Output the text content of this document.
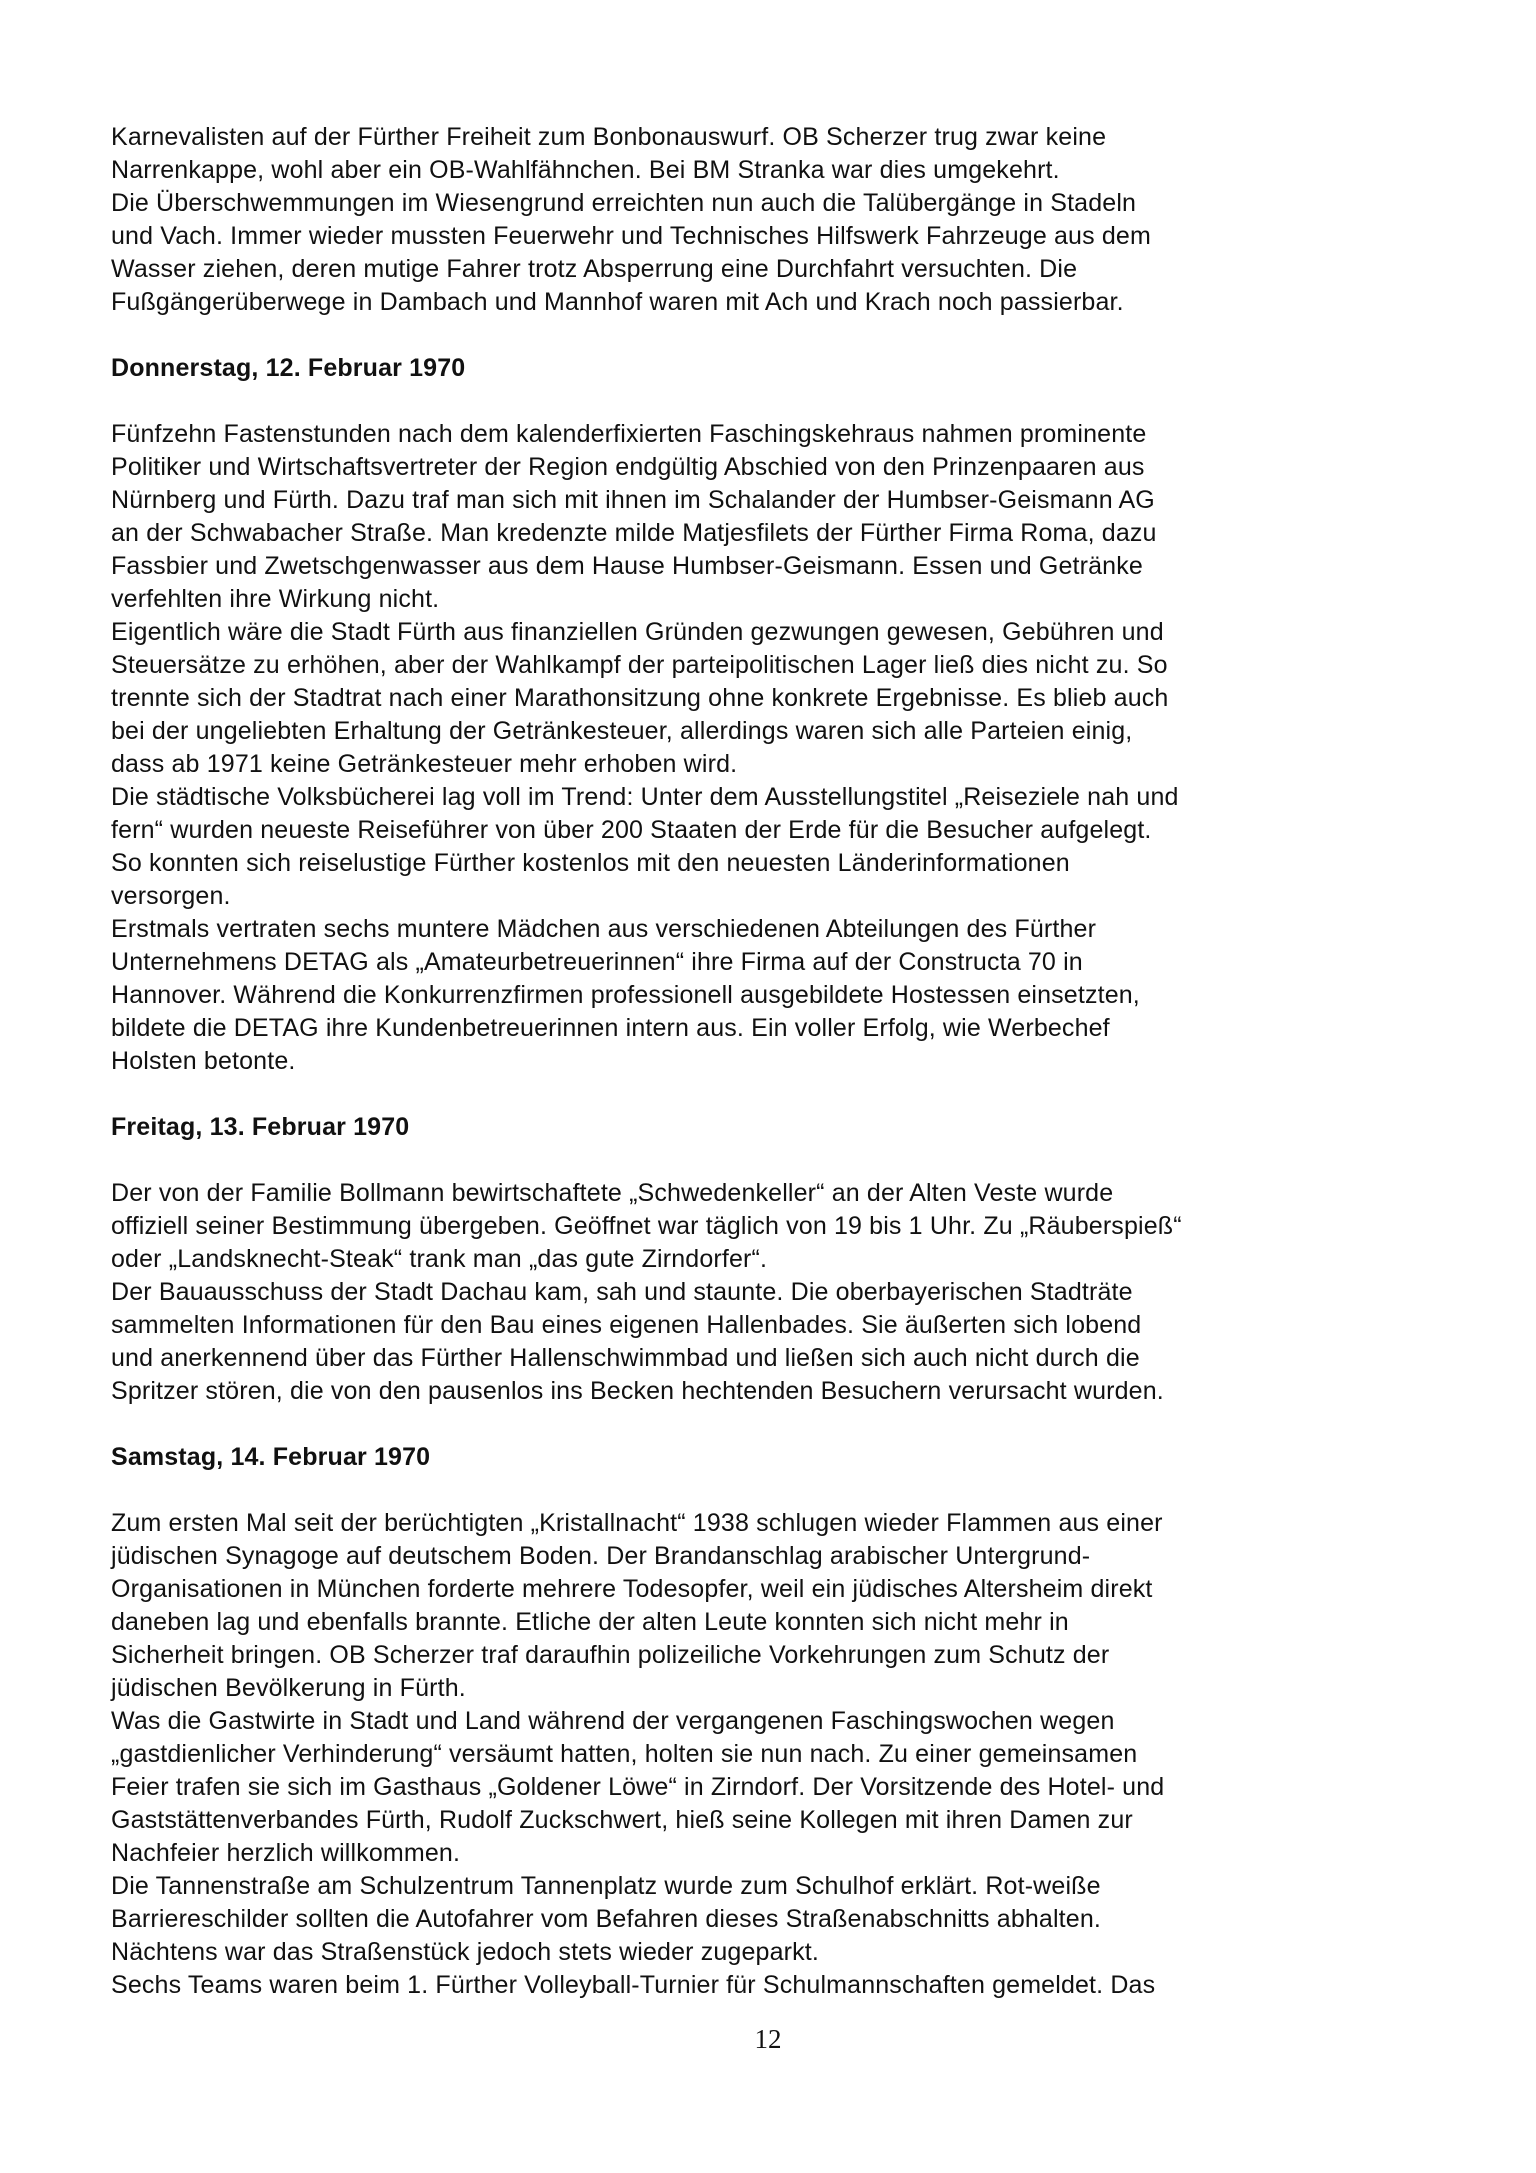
Karnevalisten auf der Fürther Freiheit zum Bonbonauswurf. OB Scherzer trug zwar keine
Narrenkappe, wohl aber ein OB-Wahlfähnchen. Bei BM Stranka war dies umgekehrt.
Die Überschwemmungen im Wiesengrund erreichten nun auch die Talübergänge in Stadeln
und Vach. Immer wieder mussten Feuerwehr und Technisches Hilfswerk Fahrzeuge aus dem
Wasser ziehen, deren mutige Fahrer trotz Absperrung eine Durchfahrt versuchten. Die
Fußgängerüberwege in Dambach und Mannhof waren mit Ach und Krach noch passierbar.
Donnerstag, 12. Februar 1970
Fünfzehn Fastenstunden nach dem kalenderfixierten Faschingskehraus nahmen prominente
Politiker und Wirtschaftsvertreter der Region endgültig Abschied von den Prinzenpaaren aus
Nürnberg und Fürth. Dazu traf man sich mit ihnen im Schalander der Humbser-Geismann AG
an der Schwabacher Straße. Man kredenzte milde Matjesfilets der Fürther Firma Roma, dazu
Fassbier und Zwetschgenwasser aus dem Hause Humbser-Geismann. Essen und Getränke
verfehlten ihre Wirkung nicht.
Eigentlich wäre die Stadt Fürth aus finanziellen Gründen gezwungen gewesen, Gebühren und
Steuersätze zu erhöhen, aber der Wahlkampf der parteipolitischen Lager ließ dies nicht zu. So
trennte sich der Stadtrat nach einer Marathonsitzung ohne konkrete Ergebnisse. Es blieb auch
bei der ungeliebten Erhaltung der Getränkesteuer, allerdings waren sich alle Parteien einig,
dass ab 1971 keine Getränkesteuer mehr erhoben wird.
Die städtische Volksbücherei lag voll im Trend: Unter dem Ausstellungstitel „Reiseziele nah und
fern“ wurden neueste Reiseführer von über 200 Staaten der Erde für die Besucher aufgelegt.
So konnten sich reiselustige Fürther kostenlos mit den neuesten Länderinformationen
versorgen.
Erstmals vertraten sechs muntere Mädchen aus verschiedenen Abteilungen des Fürther
Unternehmens DETAG als „Amateurbetreuerinnen“ ihre Firma auf der Constructa 70 in
Hannover. Während die Konkurrenzfirmen professionell ausgebildete Hostessen einsetzten,
bildete die DETAG ihre Kundenbetreuerinnen intern aus. Ein voller Erfolg, wie Werbechef
Holsten betonte.
Freitag, 13. Februar 1970
Der von der Familie Bollmann bewirtschaftete „Schwedenkeller“ an der Alten Veste wurde
offiziell seiner Bestimmung übergeben. Geöffnet war täglich von 19 bis 1 Uhr. Zu „Räuberspieß“
oder „Landsknecht-Steak“ trank man „das gute Zirndorfer“.
Der Bauausschuss der Stadt Dachau kam, sah und staunte. Die oberbayerischen Stadträte
sammelten Informationen für den Bau eines eigenen Hallenbades. Sie äußerten sich lobend
und anerkennend über das Fürther Hallenschwimmbad und ließen sich auch nicht durch die
Spritzer stören, die von den pausenlos ins Becken hechtenden Besuchern verursacht wurden.
Samstag, 14. Februar 1970
Zum ersten Mal seit der berüchtigten „Kristallnacht“ 1938 schlugen wieder Flammen aus einer
jüdischen Synagoge auf deutschem Boden. Der Brandanschlag arabischer Untergrund-
Organisationen in München forderte mehrere Todesopfer, weil ein jüdisches Altersheim direkt
daneben lag und ebenfalls brannte. Etliche der alten Leute konnten sich nicht mehr in
Sicherheit bringen. OB Scherzer traf daraufhin polizeiliche Vorkehrungen zum Schutz der
jüdischen Bevölkerung in Fürth.
Was die Gastwirte in Stadt und Land während der vergangenen Faschingswochen wegen
„gastdienlicher Verhinderung“ versäumt hatten, holten sie nun nach. Zu einer gemeinsamen
Feier trafen sie sich im Gasthaus „Goldener Löwe“ in Zirndorf. Der Vorsitzende des Hotel- und
Gaststättenverbandes Fürth, Rudolf Zuckschwert, hieß seine Kollegen mit ihren Damen zur
Nachfeier herzlich willkommen.
Die Tannenstraße am Schulzentrum Tannenplatz wurde zum Schulhof erklärt. Rot-weiße
Barriereschilder sollten die Autofahrer vom Befahren dieses Straßenabschnitts abhalten.
Nächtens war das Straßenstück jedoch stets wieder zugeparkt.
Sechs Teams waren beim 1. Fürther Volleyball-Turnier für Schulmannschaften gemeldet. Das
12
